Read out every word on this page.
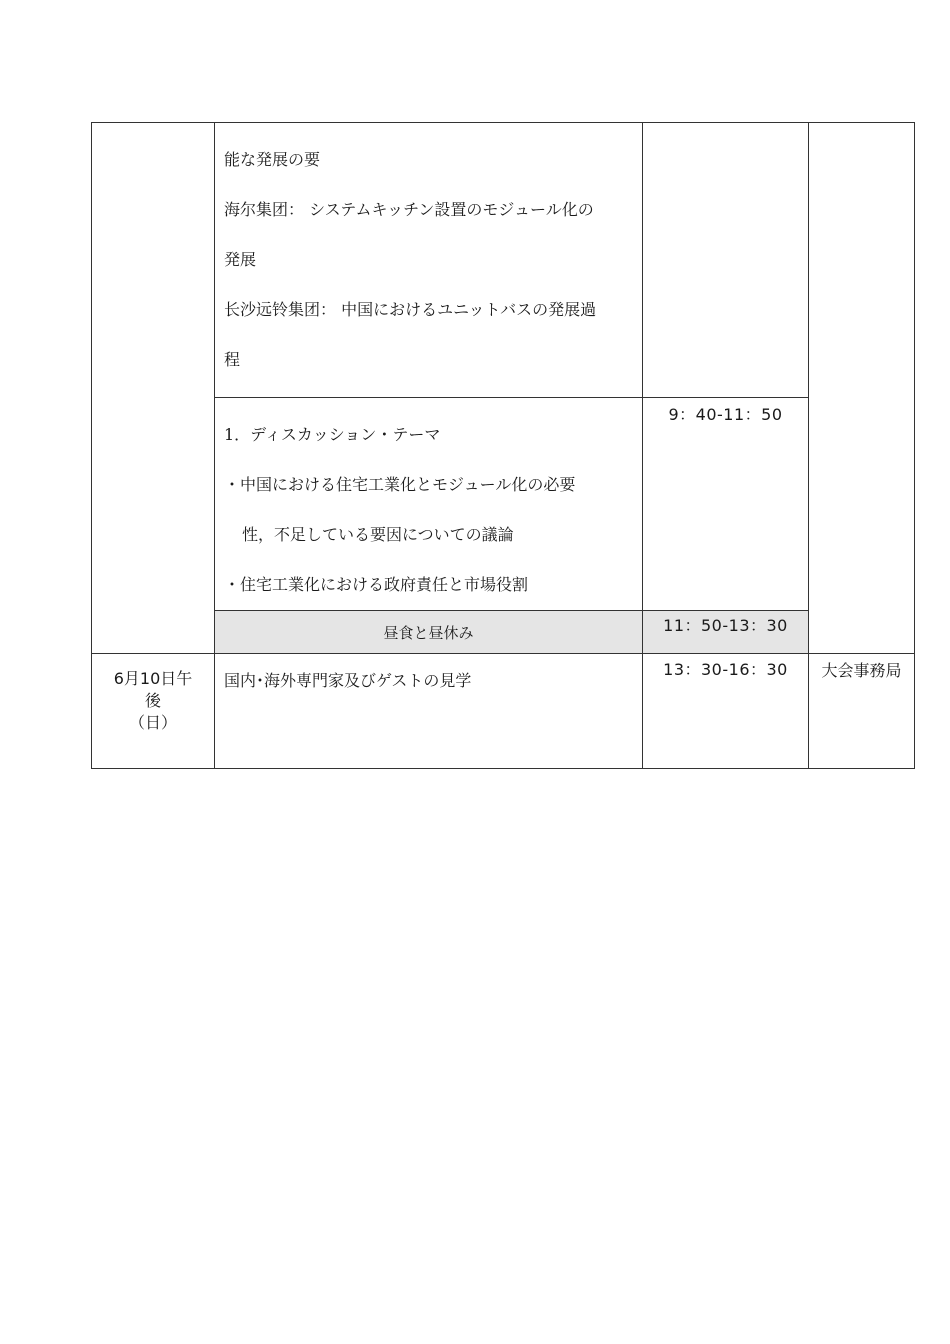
	能な発展の要

海尔集团： システムキッチン設置のモジュール化の

発展

长沙远铃集团： 中国におけるユニットバスの発展過

程		

	1．ディスカッション・テーマ

・中国における住宅工業化とモジュール化の必要

性，不足している要因についての議論

・住宅工業化における政府責任と市場役割	9：40-11：50	
	昼食と昼休み	11：50-13：30	

6月10日午
後
（日）	国内･海外専門家及びゲストの見学	13：30-16：30	大会事務局
